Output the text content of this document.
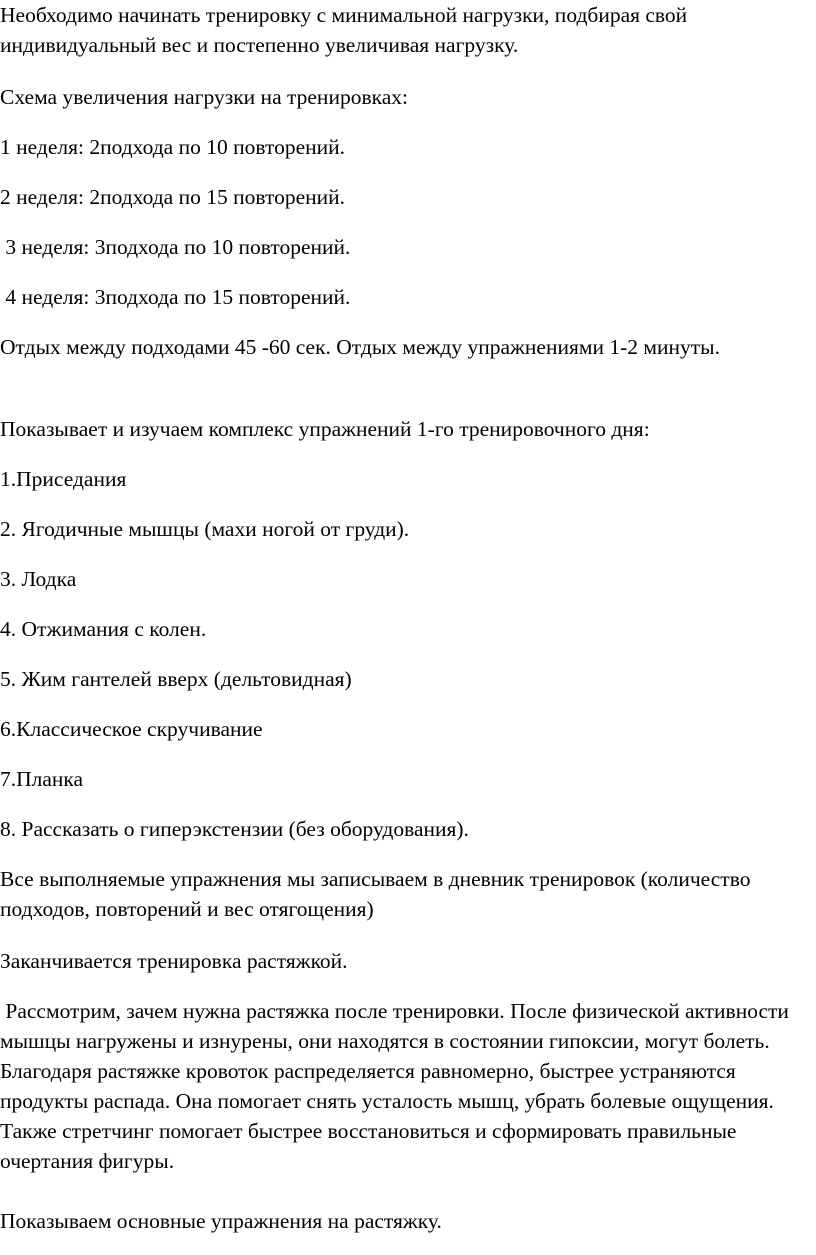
Необходимо начинать тренировку с минимальной нагрузки, подбирая свой индивидуальный вес и постепенно увеличивая нагрузку.

Схема увеличения нагрузки на тренировках:

1 неделя: 2подхода по 10 повторений.

2 неделя: 2подхода по 15 повторений.

3 неделя: 3подхода по 10 повторений.

4 неделя: 3подхода по 15 повторений.

Отдых между подходами 45 -60 сек. Отдых между упражнениями 1-2 минуты.

Показывает и изучаем комплекс упражнений 1-го тренировочного дня:

1.Приседания

2. Ягодичные мышцы (махи ногой от груди).

3. Лодка

4. Отжимания с колен.

5. Жим гантелей вверх (дельтовидная)

6.Классическое скручивание

7.Планка

8. Рассказать о гиперэкстензии (без оборудования).

Все выполняемые упражнения мы записываем в дневник тренировок (количество подходов, повторений и вес отягощения)

Заканчивается тренировка растяжкой.

Рассмотрим, зачем нужна растяжка после тренировки. После физической активности мышцы нагружены и изнурены, они находятся в состоянии гипоксии, могут болеть. Благодаря растяжке кровоток распределяется равномерно, быстрее устраняются продукты распада. Она помогает снять усталость мышц, убрать болевые ощущения. Также стретчинг помогает быстрее восстановиться и сформировать правильные очертания фигуры.

Показываем основные упражнения на растяжку.
